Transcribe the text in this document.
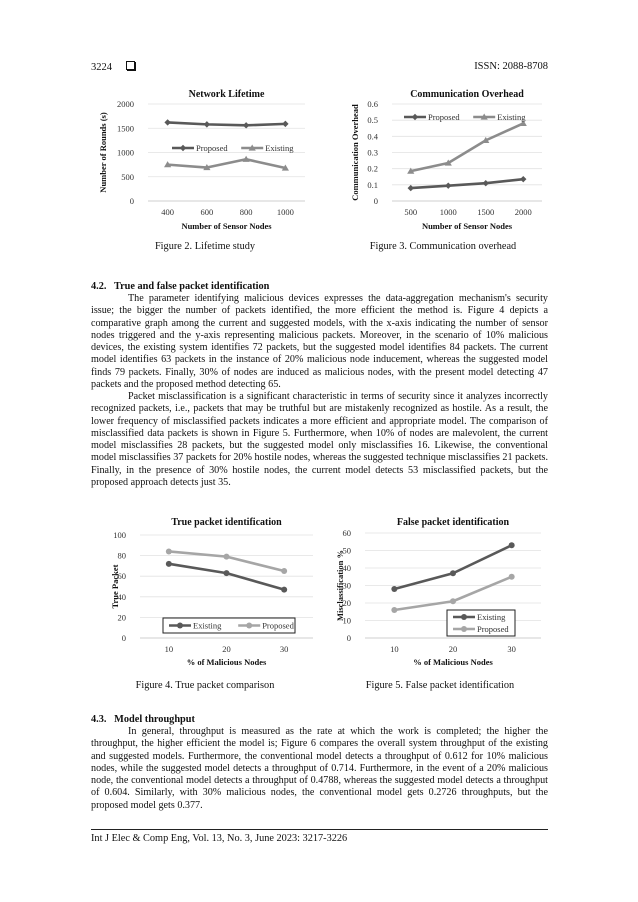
3224	ISSN: 2088-8708
Network Lifetime
0
500
1000
1500
2000
400	600	800	1000
Number of Sensor Nodes
Number of Rounds (s)	Proposed	Existing
Communication Overhead
0
0.1
0.2
0.3
0.4
0.5
0.6
500	1000 1500 2000
Number of Sensor Nodes
Communication Overhead	Proposed	Existing
True packet identification
0
20
40
60
80
100
10	20	30
% of Malicious Nodes
True Packet
Existing	Proposed
False packet identification
0
10
20
30
40
50
60
10	20	30
% of Malicious Nodes
Misclassification %	Existing
Proposed
Figure 2. Lifetime study	Figure 3. Communication overhead
4.2.   True and false packet identification

The parameter identifying malicious devices expresses the data-aggregation mechanism's security issue; the bigger the number of packets identified, the more efficient the method is. Figure 4 depicts a comparative graph among the current and suggested models, with the x-axis indicating the number of sensor nodes triggered and the y-axis representing malicious packets. Moreover, in the scenario of 10% malicious devices, the existing system identifies 72 packets, but the suggested model identifies 84 packets. The current model identifies 63 packets in the instance of 20% malicious node inducement, whereas the suggested model finds 79 packets. Finally, 30% of nodes are induced as malicious nodes, with the present model detecting 47 packets and the proposed method detecting 65.

Packet misclassification is a significant characteristic in terms of security since it analyzes incorrectly recognized packets, i.e., packets that may be truthful but are mistakenly recognized as hostile. As a result, the lower frequency of misclassified packets indicates a more efficient and appropriate model. The comparison of misclassified data packets is shown in Figure 5. Furthermore, when 10% of nodes are malevolent, the current model misclassifies 28 packets, but the suggested model only misclassifies 16. Likewise, the conventional model misclassifies 37 packets for 20% hostile nodes, whereas the suggested technique misclassifies 21 packets. Finally, in the presence of 30% hostile nodes, the current model detects 53 misclassified packets, but the proposed approach detects just 35.

Figure 4. True packet comparison	Figure 5. False packet identification
4.3.   Model throughput

In general, throughput is measured as the rate at which the work is completed; the higher the throughput, the higher efficient the model is; Figure 6 compares the overall system throughput of the existing and suggested models. Furthermore, the conventional model detects a throughput of 0.612 for 10% malicious nodes, while the suggested model detects a throughput of 0.714. Furthermore, in the event of a 20% malicious node, the conventional model detects a throughput of 0.4788, whereas the suggested model detects a throughput of 0.604. Similarly, with 30% malicious nodes, the conventional model gets 0.2726 throughputs, but the proposed model gets 0.377.

Int J Elec & Comp Eng, Vol. 13, No. 3, June 2023: 3217-3226
